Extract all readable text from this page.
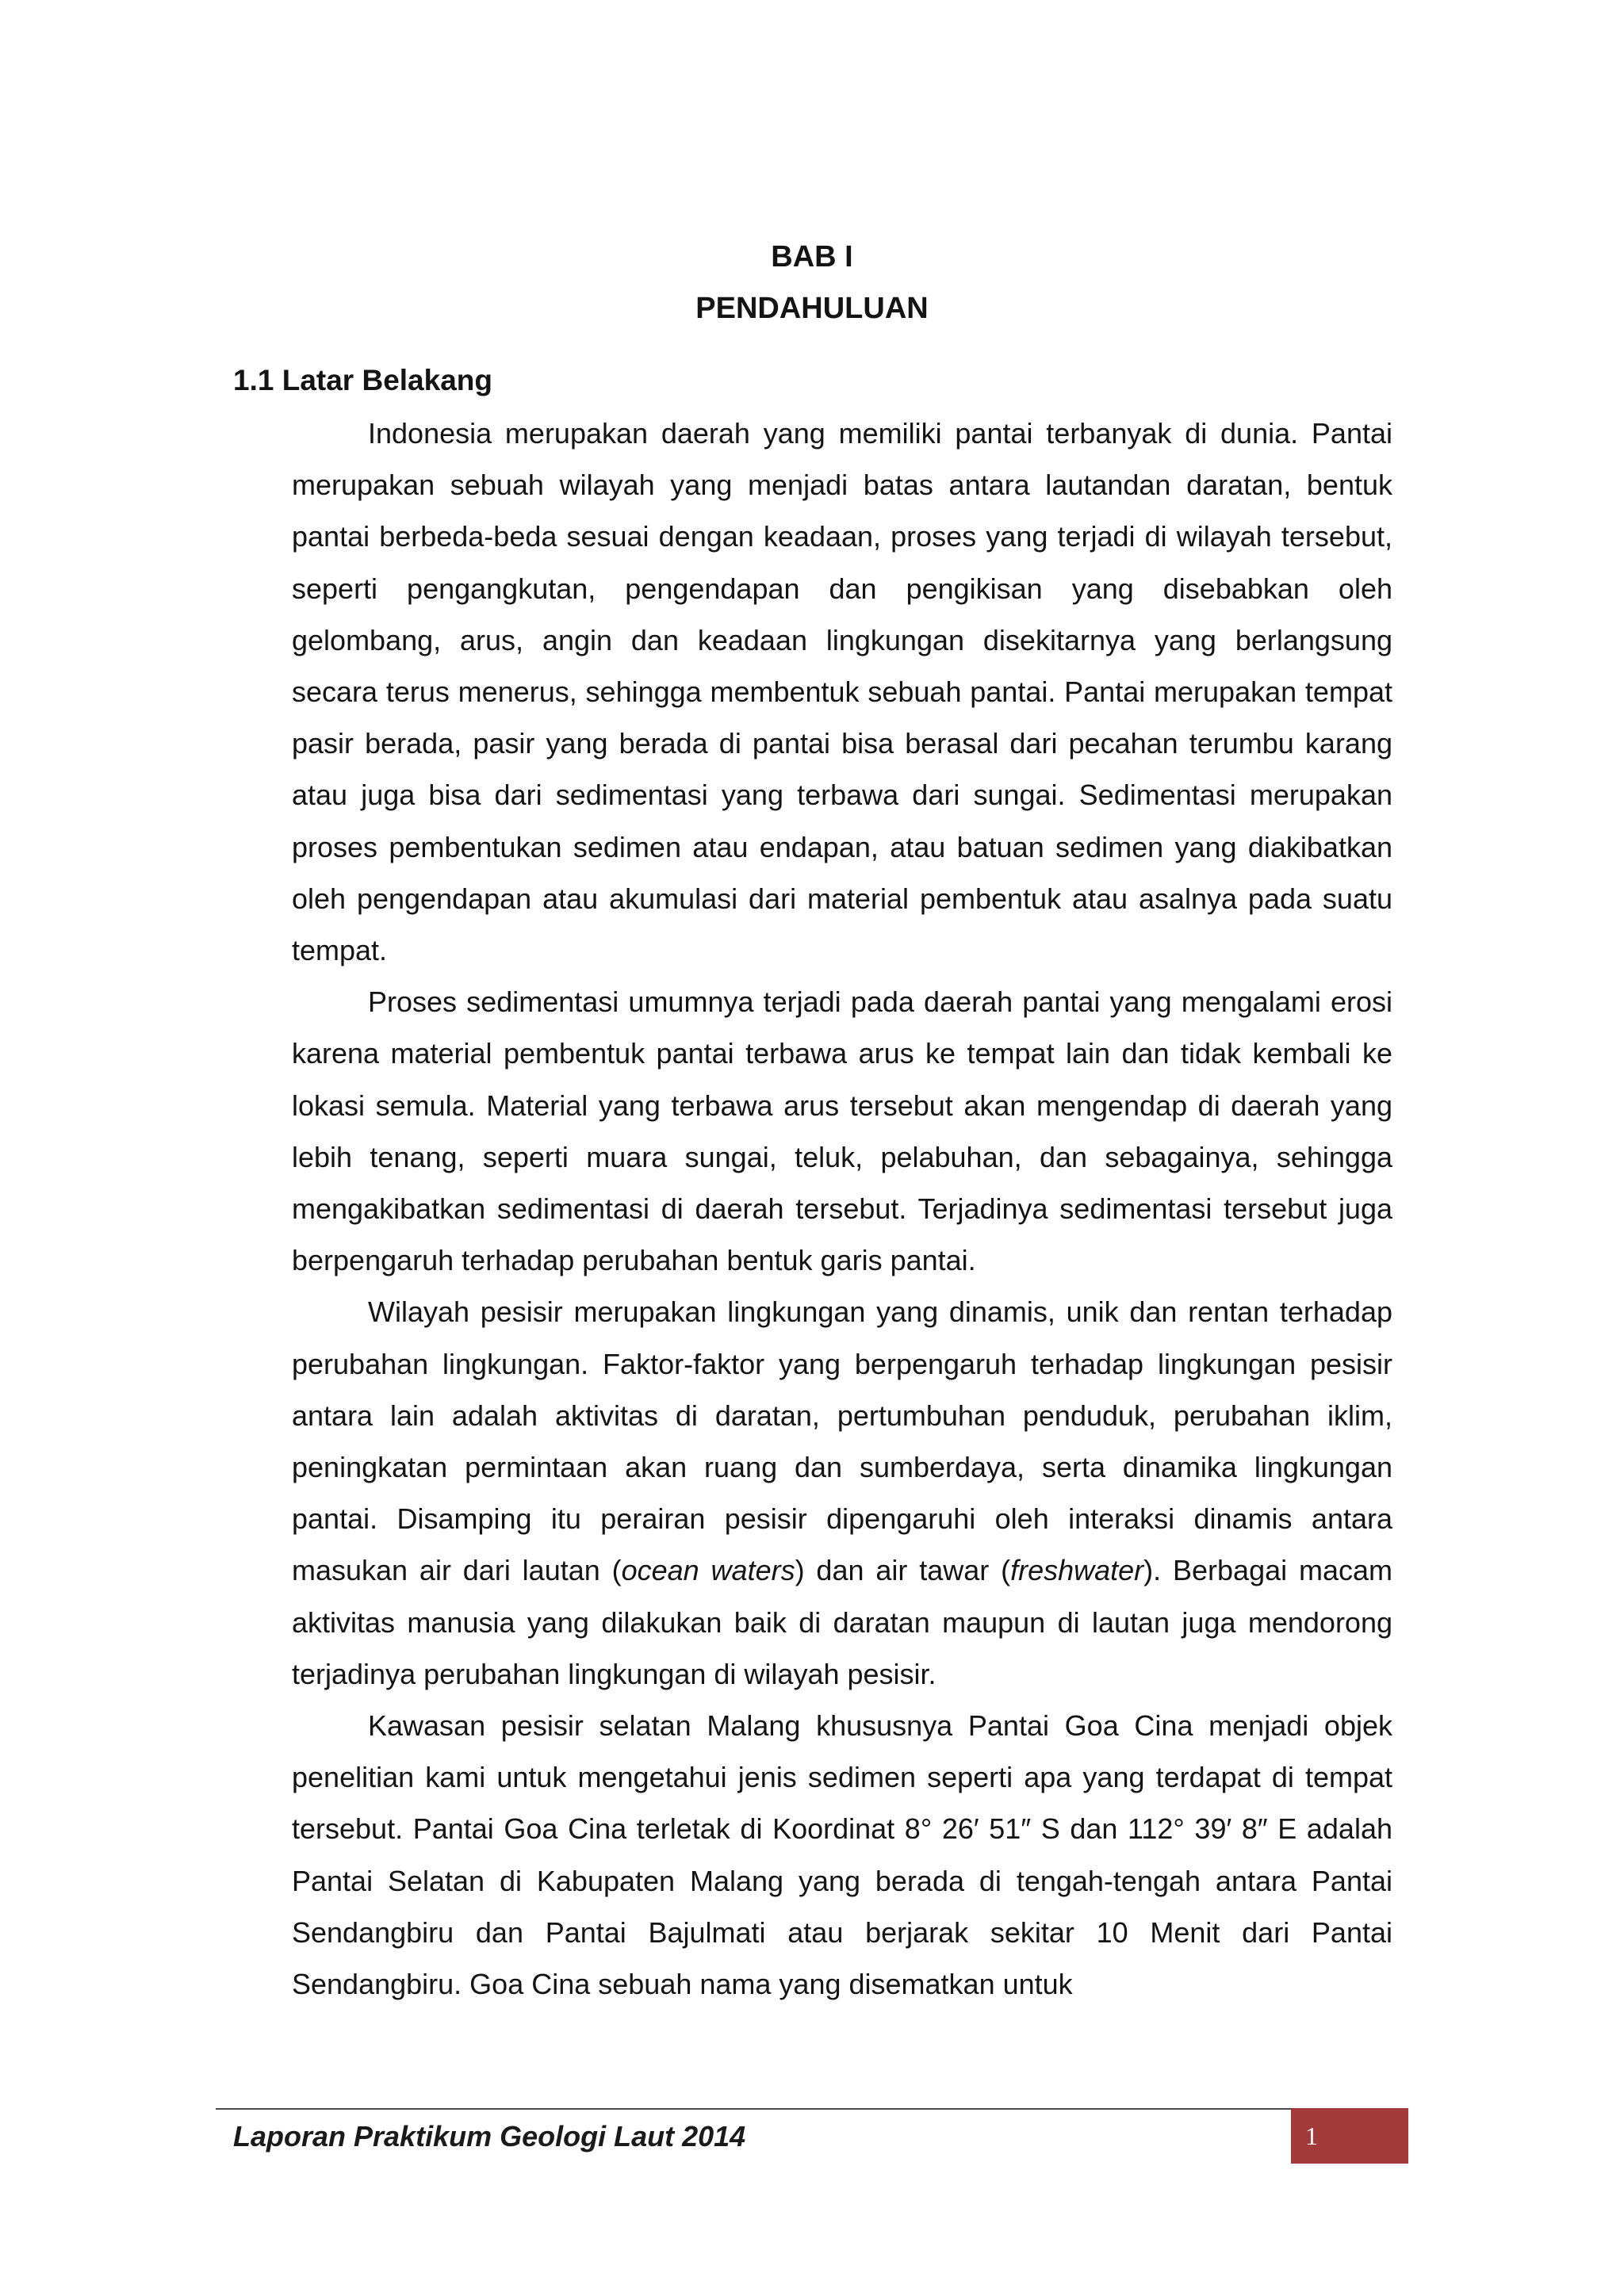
BAB I
PENDAHULUAN
1.1 Latar Belakang

Indonesia merupakan daerah yang memiliki pantai terbanyak di dunia. Pantai merupakan sebuah wilayah yang menjadi batas antara lautandan daratan, bentuk pantai berbeda-beda sesuai dengan keadaan, proses yang terjadi di wilayah tersebut, seperti pengangkutan, pengendapan dan pengikisan yang disebabkan oleh gelombang, arus, angin dan keadaan lingkungan disekitarnya yang berlangsung secara terus menerus, sehingga membentuk sebuah pantai. Pantai merupakan tempat pasir berada, pasir yang berada di pantai bisa berasal dari pecahan terumbu karang atau juga bisa dari sedimentasi yang terbawa dari sungai. Sedimentasi merupakan proses pembentukan sedimen atau endapan, atau batuan sedimen yang diakibatkan oleh pengendapan atau akumulasi dari material pembentuk atau asalnya pada suatu tempat.

Proses sedimentasi umumnya terjadi pada daerah pantai yang mengalami erosi karena material pembentuk pantai terbawa arus ke tempat lain dan tidak kembali ke lokasi semula. Material yang terbawa arus tersebut akan mengendap di daerah yang lebih tenang, seperti muara sungai, teluk, pelabuhan, dan sebagainya, sehingga mengakibatkan sedimentasi di daerah tersebut. Terjadinya sedimentasi tersebut juga berpengaruh terhadap perubahan bentuk garis pantai.

Wilayah pesisir merupakan lingkungan yang dinamis, unik dan rentan terhadap perubahan lingkungan. Faktor-faktor yang berpengaruh terhadap lingkungan pesisir antara lain adalah aktivitas di daratan, pertumbuhan penduduk, perubahan iklim, peningkatan permintaan akan ruang dan sumberdaya, serta dinamika lingkungan pantai. Disamping itu perairan pesisir dipengaruhi oleh interaksi dinamis antara masukan air dari lautan (ocean waters) dan air tawar (freshwater). Berbagai macam aktivitas manusia yang dilakukan baik di daratan maupun di lautan juga mendorong terjadinya perubahan lingkungan di wilayah pesisir.

Kawasan pesisir selatan Malang khususnya Pantai Goa Cina menjadi objek penelitian kami untuk mengetahui jenis sedimen seperti apa yang terdapat di tempat tersebut. Pantai Goa Cina terletak di Koordinat 8° 26′ 51″ S dan 112° 39′ 8″ E adalah Pantai Selatan di Kabupaten Malang yang berada di tengah-tengah antara Pantai Sendangbiru dan Pantai Bajulmati atau berjarak sekitar 10 Menit dari Pantai Sendangbiru. Goa Cina sebuah nama yang disematkan untuk

Laporan Praktikum Geologi Laut 2014	1
